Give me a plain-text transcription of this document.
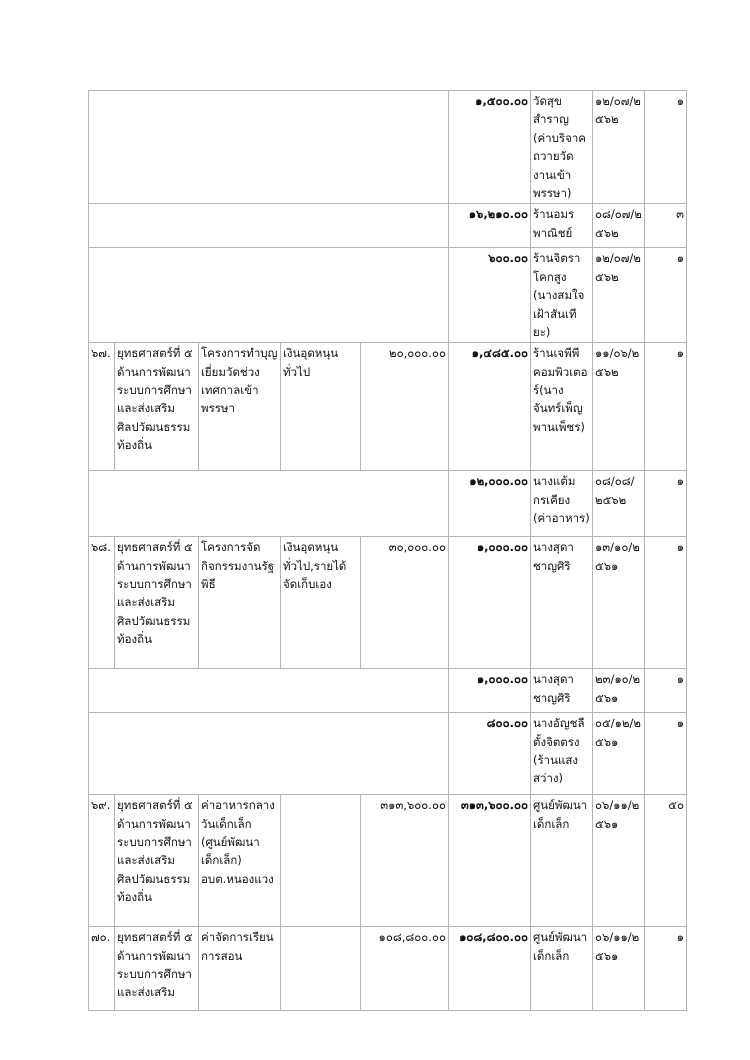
					๑,๕๐๐.๐๐	วัดสุขสำราญ (ค่าบริจาคถวายวัดงานเข้าพรรษา)	๑๒/๐๗/๒๕๖๒	๑
					๑๖,๒๑๐.๐๐	ร้านอมรพาณิชย์	๐๘/๐๗/๒๕๖๒	๓
					๖๐๐.๐๐	ร้านจิตราโคกสูง (นางสมใจ เฝ้าสันเทียะ)	๑๒/๐๗/๒๕๖๒	๑
๖๗.	ยุทธศาสตร์ที่ ๕ ด้านการพัฒนาระบบการศึกษาและส่งเสริมศิลปวัฒนธรรมท้องถิ่น	โครงการทำบุญเยี่ยมวัดช่วงเทศกาลเข้าพรรษา	เงินอุดหนุนทั่วไป	๒๐,๐๐๐.๐๐	๑,๔๘๕.๐๐	ร้านเจพีพีคอมพิวเตอร์(นางจันทร์เพ็ญ พานเพ็ชร)	๑๑/๐๖/๒๕๖๒	๑
					๑๒,๐๐๐.๐๐	นางแต้ม กรเคียง (ค่าอาหาร)	๐๘/๐๘/๒๕๖๒	๑
๖๘.	ยุทธศาสตร์ที่ ๕ ด้านการพัฒนาระบบการศึกษาและส่งเสริมศิลปวัฒนธรรมท้องถิ่น	โครงการจัดกิจกรรมงานรัฐพิธี	เงินอุดหนุนทั่วไป,รายได้จัดเก็บเอง	๓๐,๐๐๐.๐๐	๑,๐๐๐.๐๐	นางสุดา ชาญศิริ	๑๓/๑๐/๒๕๖๑	๑
					๑,๐๐๐.๐๐	นางสุดา ชาญศิริ	๒๓/๑๐/๒๕๖๑	๑
					๘๐๐.๐๐	นางอัญชลีตั้งจิตตรง (ร้านแสงสว่าง)	๐๕/๑๒/๒๕๖๑	๑
๖๙.	ยุทธศาสตร์ที่ ๕ ด้านการพัฒนาระบบการศึกษาและส่งเสริมศิลปวัฒนธรรมท้องถิ่น	ค่าอาหารกลางวันเด็กเล็ก (ศูนย์พัฒนาเด็กเล็ก) อบต.หนองแวง		๓๑๓,๖๐๐.๐๐	๓๑๓,๖๐๐.๐๐	ศูนย์พัฒนาเด็กเล็ก	๐๖/๑๑/๒๕๖๑	๕๐
๗๐.	ยุทธศาสตร์ที่ ๕ ด้านการพัฒนาระบบการศึกษาและส่งเสริม	ค่าจัดการเรียนการสอน		๑๐๘,๘๐๐.๐๐	๑๐๘,๘๐๐.๐๐	ศูนย์พัฒนาเด็กเล็ก	๐๖/๑๑/๒๕๖๑	๑
